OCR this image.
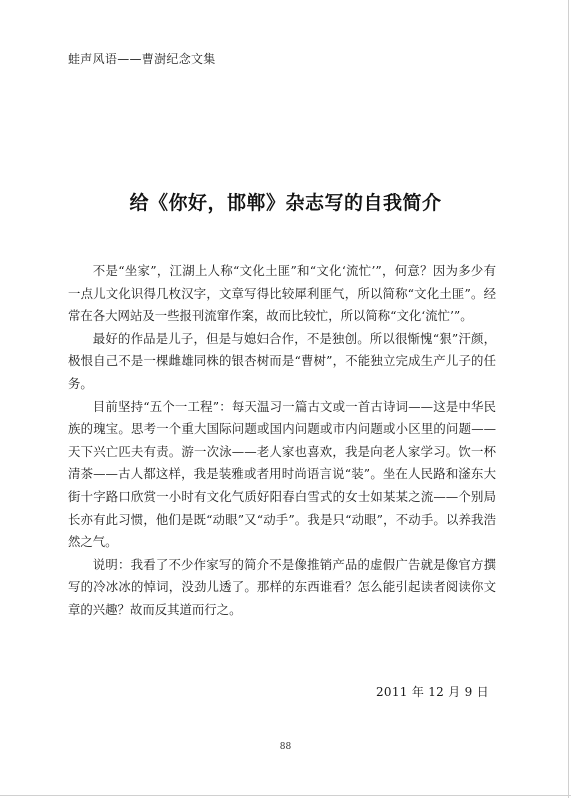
蛙声风语——曹澍纪念文集
给《你好，邯郸》杂志写的自我简介

不是“坐家”，江湖上人称“文化土匪”和“文化‘流忙’”，何意？因为多少有一点儿文化识得几枚汉字，文章写得比较犀利匪气，所以简称“文化土匪”。经常在各大网站及一些报刊流窜作案，故而比较忙，所以简称“文化‘流忙’”。

最好的作品是儿子，但是与媳妇合作，不是独创。所以很惭愧“狠”汗颜，极恨自己不是一棵雌雄同株的银杏树而是“曹树”，不能独立完成生产儿子的任务。

目前坚持“五个一工程”：每天温习一篇古文或一首古诗词——这是中华民族的瑰宝。思考一个重大国际问题或国内问题或市内问题或小区里的问题——天下兴亡匹夫有责。游一次泳——老人家也喜欢，我是向老人家学习。饮一杯清茶——古人都这样，我是装雅或者用时尚语言说“装”。坐在人民路和滏东大街十字路口欣赏一小时有文化气质好阳春白雪式的女士如某某之流——个别局长亦有此习惯，他们是既“动眼”又“动手”。我是只“动眼”，不动手。以养我浩然之气。

说明：我看了不少作家写的简介不是像推销产品的虚假广告就是像官方撰写的冷冰冰的悼词，没劲儿透了。那样的东西谁看？怎么能引起读者阅读你文章的兴趣？故而反其道而行之。

2011 年 12 月 9 日
88
